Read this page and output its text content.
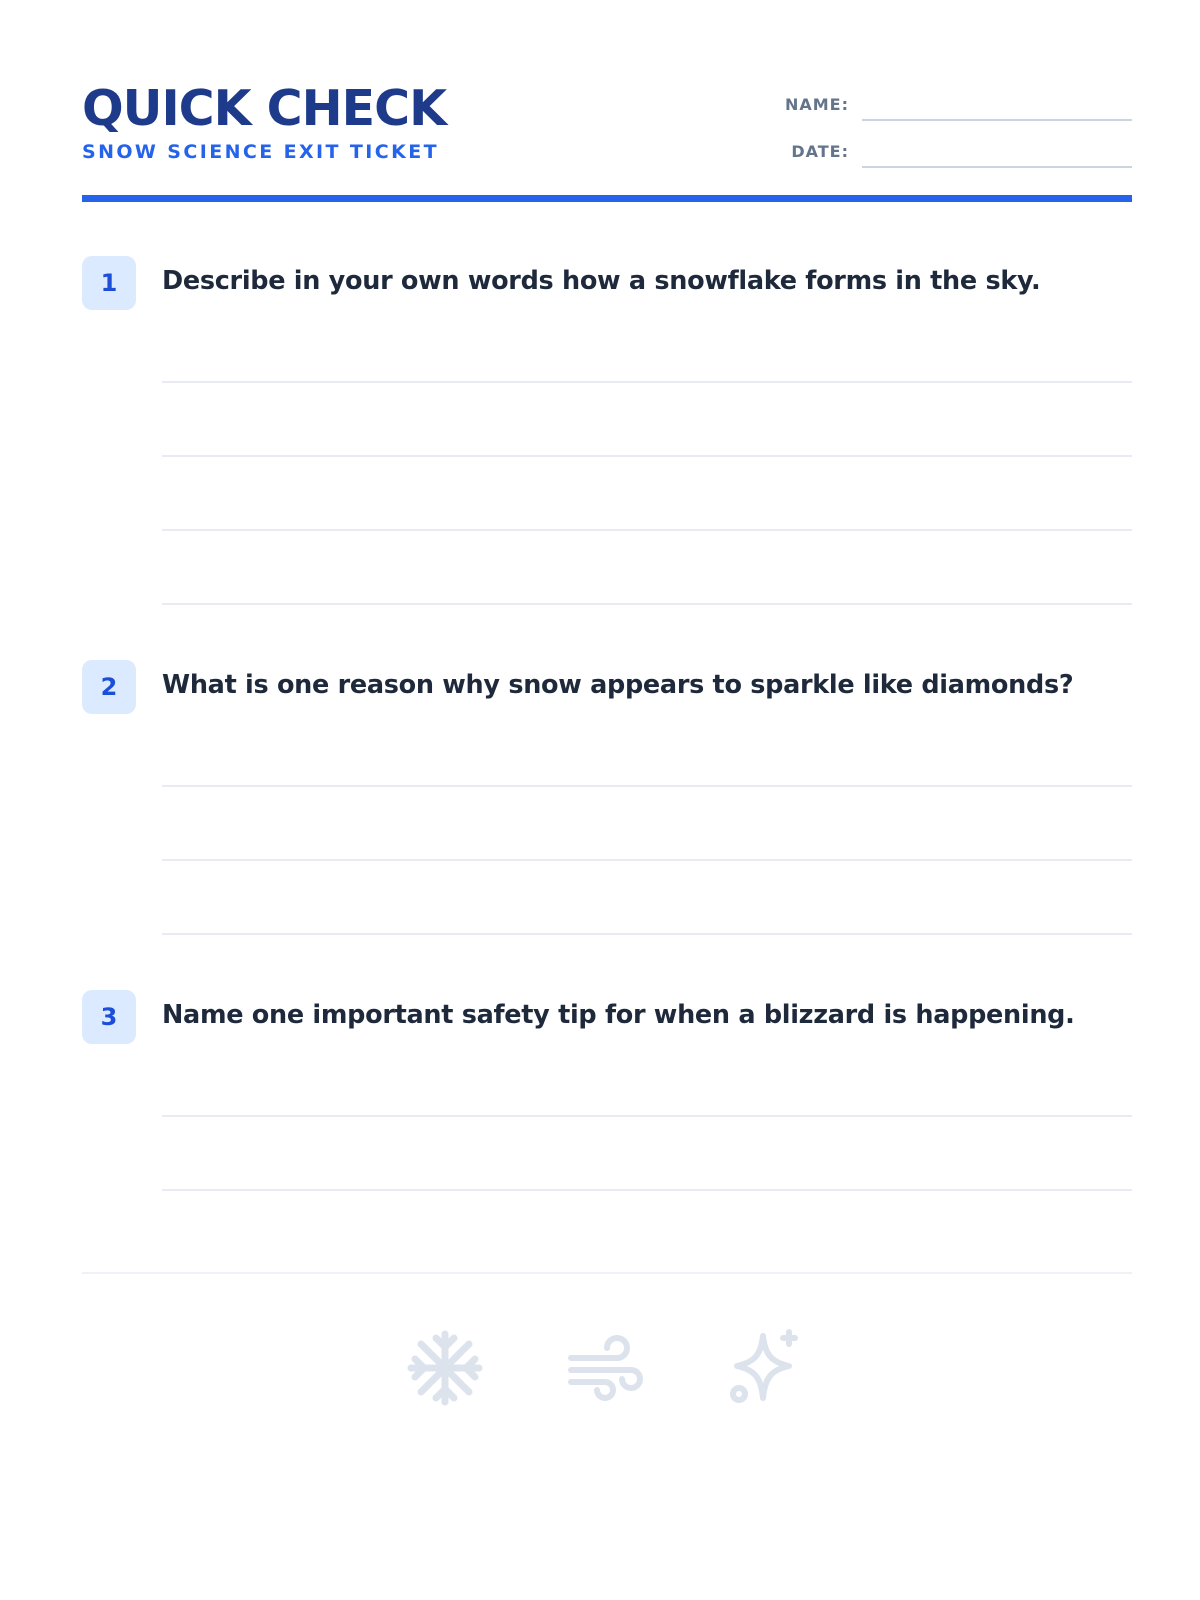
QUICK CHECK
SNOW SCIENCE EXIT TICKET
NAME:
DATE:
1	Describe in your own words how a snowflake forms in the sky.
2	What is one reason why snow appears to sparkle like diamonds?
3	Name one important safety tip for when a blizzard is happening.
